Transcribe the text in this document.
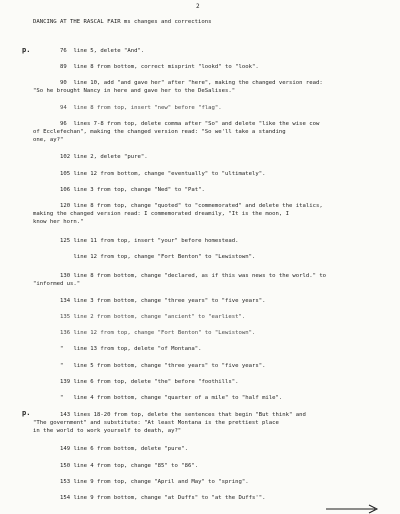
2
DANCING AT THE RASCAL FAIR ms changes and corrections
p.
p.
76  line 5, delete "And".
89  line 8 from bottom, correct misprint "lookd" to "look".
90  line 10, add "and gave her" after "here", making the changed version read:
"So he brought Nancy in here and gave her to the DeSalises."
94  line 8 from top, insert "new" before "flag".
96  lines 7-8 from top, delete comma after "So" and delete "like the wise cow
of Ecclefechan", making the changed version read: "So we'll take a standing
one, ay?"
102 line 2, delete "pure".
105 line 12 from bottom, change "eventually" to "ultimately".
106 line 3 from top, change "Ned" to "Pat".
120 line 8 from top, change "quoted" to "commemorated" and delete the italics,
making the changed version read: I commemorated dreamily, "It is the moon, I
know her horn."
125 line 11 from top, insert "your" before homestead.
line 12 from top, change "Fort Benton" to "Lewistown".
130 line 8 from bottom, change "declared, as if this was news to the world." to
"informed us."
134 line 3 from bottom, change "three years" to "five years".
135 line 2 from bottom, change "ancient" to "earliest".
136 line 12 from top, change "Fort Benton" to "Lewistown".
"   line 13 from top, delete "of Montana".
"   line 5 from bottom, change "three years" to "five years".
139 line 6 from top, delete "the" before "foothills".
"   line 4 from bottom, change "quarter of a mile" to "half mile".
143 lines 18-20 from top, delete the sentences that begin "But think" and
"The government" and substitute: "At least Montana is the prettiest place
in the world to work yourself to death, ay?"
149 line 6 from bottom, delete "pure".
150 line 4 from top, change "85" to "86".
153 line 9 from top, change "April and May" to "spring".
154 line 9 from bottom, change "at Duffs" to "at the Duffs'".
